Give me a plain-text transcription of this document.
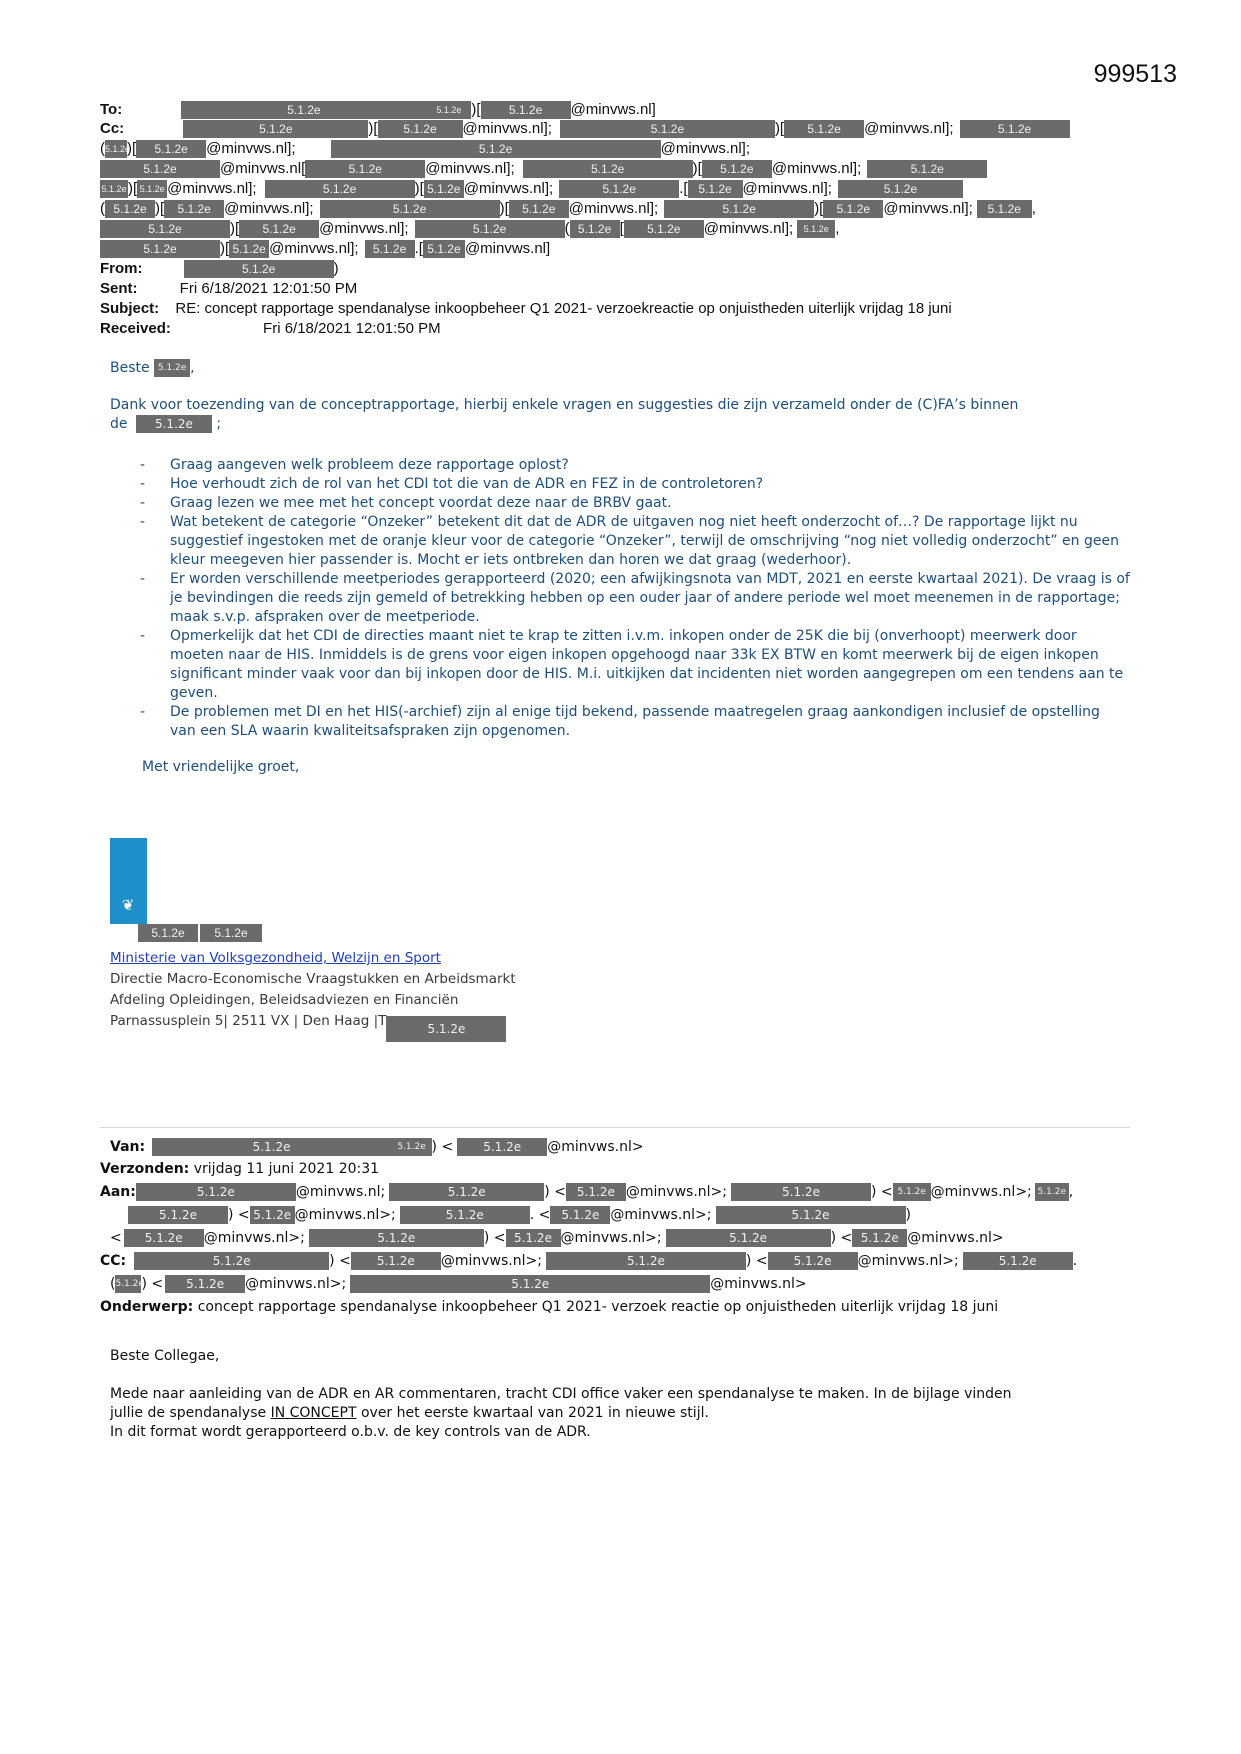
999513
To:	5.1.2e	5.1.2e )[ 5.1.2e @minvws.nl]
Cc:	5.1.2e	)[ 5.1.2e @minvws.nl];	5.1.2e	)[ 5.1.2e @minvws.nl];	5.1.2e
(5.1.2e)[ 5.1.2e @minvws.nl];	5.1.2e	@minvws.nl];
5.1.2e	@minvws.nl[	5.1.2e	@minvws.nl];	5.1.2e	)[ 5.1.2e @minvws.nl];	5.1.2e
5.1.2e)[ 5.1.2e @minvws.nl];	5.1.2e	)[ 5.1.2e @minvws.nl];	5.1.2e	.[ 5.1.2e @minvws.nl];	5.1.2e
( 5.1.2e )[ 5.1.2e @minvws.nl];	5.1.2e	)[ 5.1.2e @minvws.nl];	5.1.2e	)[ 5.1.2e @minvws.nl]; 5.1.2e ,
5.1.2e	)[ 5.1.2e @minvws.nl];	5.1.2e	( 5.1.2e [ 5.1.2e @minvws.nl]; 5.1.2e ,
5.1.2e	)[ 5.1.2e @minvws.nl]; 5.1.2e .[ 5.1.2e @minvws.nl]
From:	5.1.2e	)
Sent:	Fri 6/18/2021 12:01:50 PM
Subject: RE: concept rapportage spendanalyse inkoopbeheer Q1 2021- verzoekreactie op onjuistheden uiterlijk vrijdag 18 juni
Received:	Fri 6/18/2021 12:01:50 PM
Beste 5.1.2e ,
Dank voor toezending van de conceptrapportage, hierbij enkele vragen en suggesties die zijn verzameld onder de (C)FA’s binnen
de 5.1.2e ;
- Graag aangeven welk probleem deze rapportage oplost?
- Hoe verhoudt zich de rol van het CDI tot die van de ADR en FEZ in de controletoren?
- Graag lezen we mee met het concept voordat deze naar de BRBV gaat.
- Wat betekent de categorie “Onzeker” betekent dit dat de ADR de uitgaven nog niet heeft onderzocht of…? De rapportage lijkt nu suggestief ingestoken met de oranje kleur voor de categorie “Onzeker”, terwijl de omschrijving “nog niet volledig onderzocht” en geen kleur meegeven hier passender is. Mocht er iets ontbreken dan horen we dat graag (wederhoor).
- Er worden verschillende meetperiodes gerapporteerd (2020; een afwijkingsnota van MDT, 2021 en eerste kwartaal 2021). De vraag is of je bevindingen die reeds zijn gemeld of betrekking hebben op een ouder jaar of andere periode wel moet meenemen in de rapportage; maak s.v.p. afspraken over de meetperiode.
- Opmerkelijk dat het CDI de directies maant niet te krap te zitten i.v.m. inkopen onder de 25K die bij (onverhoopt) meerwerk door moeten naar de HIS. Inmiddels is de grens voor eigen inkopen opgehoogd naar 33k EX BTW en komt meerwerk bij de eigen inkopen significant minder vaak voor dan bij inkopen door de HIS. M.i. uitkijken dat incidenten niet worden aangegrepen om een tendens aan te geven.
- De problemen met DI en het HIS(-archief) zijn al enige tijd bekend, passende maatregelen graag aankondigen inclusief de opstelling van een SLA waarin kwaliteitsafspraken zijn opgenomen.
Met vriendelijke groet,
❦
5.1.2e 5.1.2e
Ministerie van Volksgezondheid, Welzijn en Sport
Directie Macro-Economische Vraagstukken en Arbeidsmarkt
Afdeling Opleidingen, Beleidsadviezen en Financiën
Parnassusplein 5| 2511 VX | Den Haag |T	5.1.2e
Van:	5.1.2e	5.1.2e ) <	5.1.2e @minvws.nl>
Verzonden: vrijdag 11 juni 2021 20:31
Aan:	5.1.2e	@minvws.nl;	5.1.2e	) < 5.1.2e @minvws.nl>;	5.1.2e	) < 5.1.2e @minvws.nl>; 5.1.2e ,
5.1.2e ) < 5.1.2e @minvws.nl>;	5.1.2e	. < 5.1.2e @minvws.nl>;	5.1.2e	)
< 5.1.2e @minvws.nl>;	5.1.2e	) < 5.1.2e @minvws.nl>;	5.1.2e	) < 5.1.2e @minvws.nl>
CC:	5.1.2e	) < 5.1.2e @minvws.nl>;	5.1.2e	) < 5.1.2e @minvws.nl>;	5.1.2e	.
(5.1.2e) < 5.1.2e @minvws.nl>;	5.1.2e	@minvws.nl>
Onderwerp: concept rapportage spendanalyse inkoopbeheer Q1 2021- verzoek reactie op onjuistheden uiterlijk vrijdag 18 juni
Beste Collegae,
Mede naar aanleiding van de ADR en AR commentaren, tracht CDI office vaker een spendanalyse te maken. In de bijlage vinden
jullie de spendanalyse IN CONCEPT over het eerste kwartaal van 2021 in nieuwe stijl.
In dit format wordt gerapporteerd o.b.v. de key controls van de ADR.
